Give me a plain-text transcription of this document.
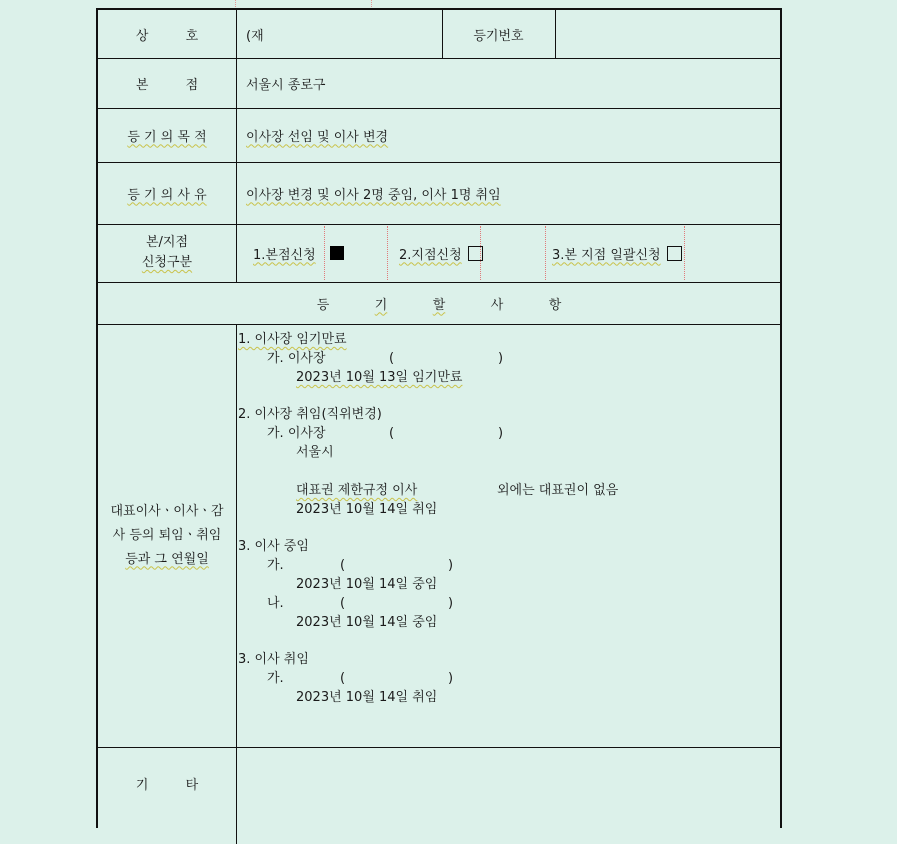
상         호	(재	등기번호
본         점	서울시 종로구
등 기 의 목 적	이사장 선임 및 이사 변경
등 기 의 사 유	이사장 변경 및 이사 2명 중임, 이사 1명 취임
본/지점
신청구분	1.본점신청	2.지점신청	3.본 지점 일괄신청
등	기	할	사	항
대표이사ㆍ이사ㆍ감
사 등의 퇴임ㆍ취임
등과 그 연월일
1. 이사장 임기만료
가. 이사장	(	)
2023년 10월 13일 임기만료
2. 이사장 취임(직위변경)
가. 이사장	(	)
서울시
대표권 제한규정 이사	외에는 대표권이 없음
2023년 10월 14일 취임
3. 이사 중임
가.	(	)
2023년 10월 14일 중임
나.	(	)
2023년 10월 14일 중임
3. 이사 취임
가.	(	)
2023년 10월 14일 취임
기         타
